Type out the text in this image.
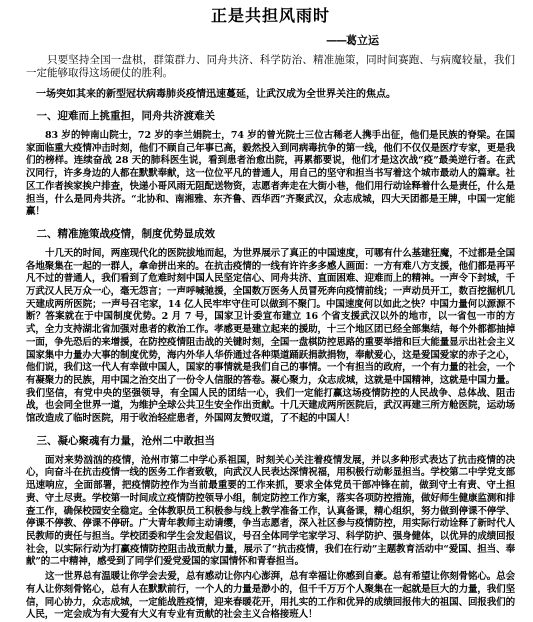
正是共担风雨时
——葛立运

只要坚持全国一盘棋，群策群力、同舟共济、科学防治、精准施策，同时间赛跑、与病魔较量，我们一定能够取得这场硬仗的胜利。

一场突如其来的新型冠状病毒肺炎疫情迅速蔓延，让武汉成为全世界关注的焦点。

一、迎难而上挑重担，同舟共济渡难关

83 岁的钟南山院士，72 岁的李兰娟院士，74 岁的曾光院士三位古稀老人携手出征，他们是民族的脊梁。在国家面临重大疫情冲击时刻，他们不顾自己年事已高，毅然投入到同病毒抗争的第一线，他们不仅仅是医疗专家，更是我们的榜样。连续奋战 28 天的肺科医生说，看到患者治愈出院，再累都要说，他们才是这次战“疫”最美逆行者。在武汉同行，许多身边的人都在默默奉献，这一位位平凡的普通人，用自己的坚守和担当书写着这个城市最动人的篇章。社区工作者挨家挨户排查，快递小哥风雨无阻配送物资，志愿者奔走在大街小巷，他们用行动诠释着什么是责任，什么是担当，什么是同舟共济。“北协和、南湘雅、东齐鲁、西华西”齐聚武汉，众志成城，四大天团都是王牌，中国一定能赢！

二、精准施策战疫情，制度优势显成效

十几天的时间，两座现代化的医院拔地而起，为世界展示了真正的中国速度，可哪有什么基建狂魔，不过都是全国各地聚集在一起的一群人，拿命拼出来的。在抗击疫情的一线有许许多多感人画面：一方有难八方支援，他们都是再平凡不过的普通人，我们看到了危难时刻中国人民坚定信心、同舟共济、直面困难、迎难而上的精神。一声令下封城，千万武汉人民万众一心，毫无怨言；一声呼喊驰援，全国数万医务人员冒死奔向疫情前线；一声动员开工，数百挖掘机几天建成两所医院；一声号召宅家，14 亿人民牢牢守住可以做到不聚门。中国速度何以如此之快？中国力量何以源源不断？答案就在于中国制度优势。2 月 7 号，国家卫计委宣布建立 16 个省支援武汉以外的地市，以一省包一市的方式，全力支持湖北省加强对患者的救治工作。孝感更是建立起来的援助，十三个地区团已经全部集结，每个外都都抽掉一面，争先恐后的来增援，在防控疫情阻击战的关键时刻，全国一盘棋防控思路的重要举措和巨大能量显示出社会主义国家集中力量办大事的制度优势，海内外华人华侨通过各种渠道踊跃捐款捐物，奉献爱心，这是爱国爱家的赤子之心，他们说，我们这一代人有幸做中国人，国家的事情就是我们自己的事情。一个有担当的政府，一个有力量的社会，一个有凝聚力的民族，用中国之治交出了一份令人信服的答卷。凝心聚力，众志成城，这就是中国精神，这就是中国力量。我们坚信，有党中央的坚强领导，有全国人民的团结一心，我们一定能打赢这场疫情防控的人民战争、总体战、阻击战，也会同全世界一道，为维护全球公共卫生安全作出贡献。十几天建成两所医院后，武汉再建三所方舱医院，运动场馆改造成了临时医院，用于收治轻症患者，外国网友赞叹道，了不起的中国人！

三、凝心聚魂有力量，沧州二中敢担当

面对来势汹汹的疫情，沧州市第二中学心系祖国，时刻关心关注着疫情发展，并以多种形式表达了抗击疫情的决心，向奋斗在抗击疫情一线的医务工作者致敬，向武汉人民表达深情祝福，用积极行动彰显担当。学校第二中学党支部迅速响应，全面部署，把疫情防控作为当前最重要的工作来抓，要求全体党员干部冲锋在前，做到守土有责、守土担责、守土尽责。学校第一时间成立疫情防控领导小组，制定防控工作方案，落实各项防控措施，做好师生健康监测和排查工作，确保校园安全稳定。全体教职员工积极参与线上教学准备工作，认真备课，精心组织，努力做到停课不停学、停课不停教、停课不停研。广大青年教师主动请缨，争当志愿者，深入社区参与疫情防控，用实际行动诠释了新时代人民教师的责任与担当。学校团委和学生会发起倡议，号召全体同学宅家学习、科学防护、强身健体，以优异的成绩回报社会，以实际行动为打赢疫情防控阻击战贡献力量，展示了“抗击疫情，我们在行动”主题教育活动中“爱国、担当、奉献”的二中精神，感受到了同学们爱党爱国的家国情怀和青春担当。

这一世界总有温暖让你学会去爱，总有感动让你内心澎湃，总有幸福让你感到自豪。总有希望让你刻骨铭心。总会有人让你刻骨铭心，总有人在默默前行，一个人的力量是渺小的，但千千万万个人聚集在一起就是巨大的力量，我们坚信，同心协力，众志成城，一定能战胜疫情，迎来春暖花开，用扎实的工作和优异的成绩回报伟大的祖国、回报我们的人民，一定会成为有大爱有大义有专业有贡献的社会主义合格接班人！
